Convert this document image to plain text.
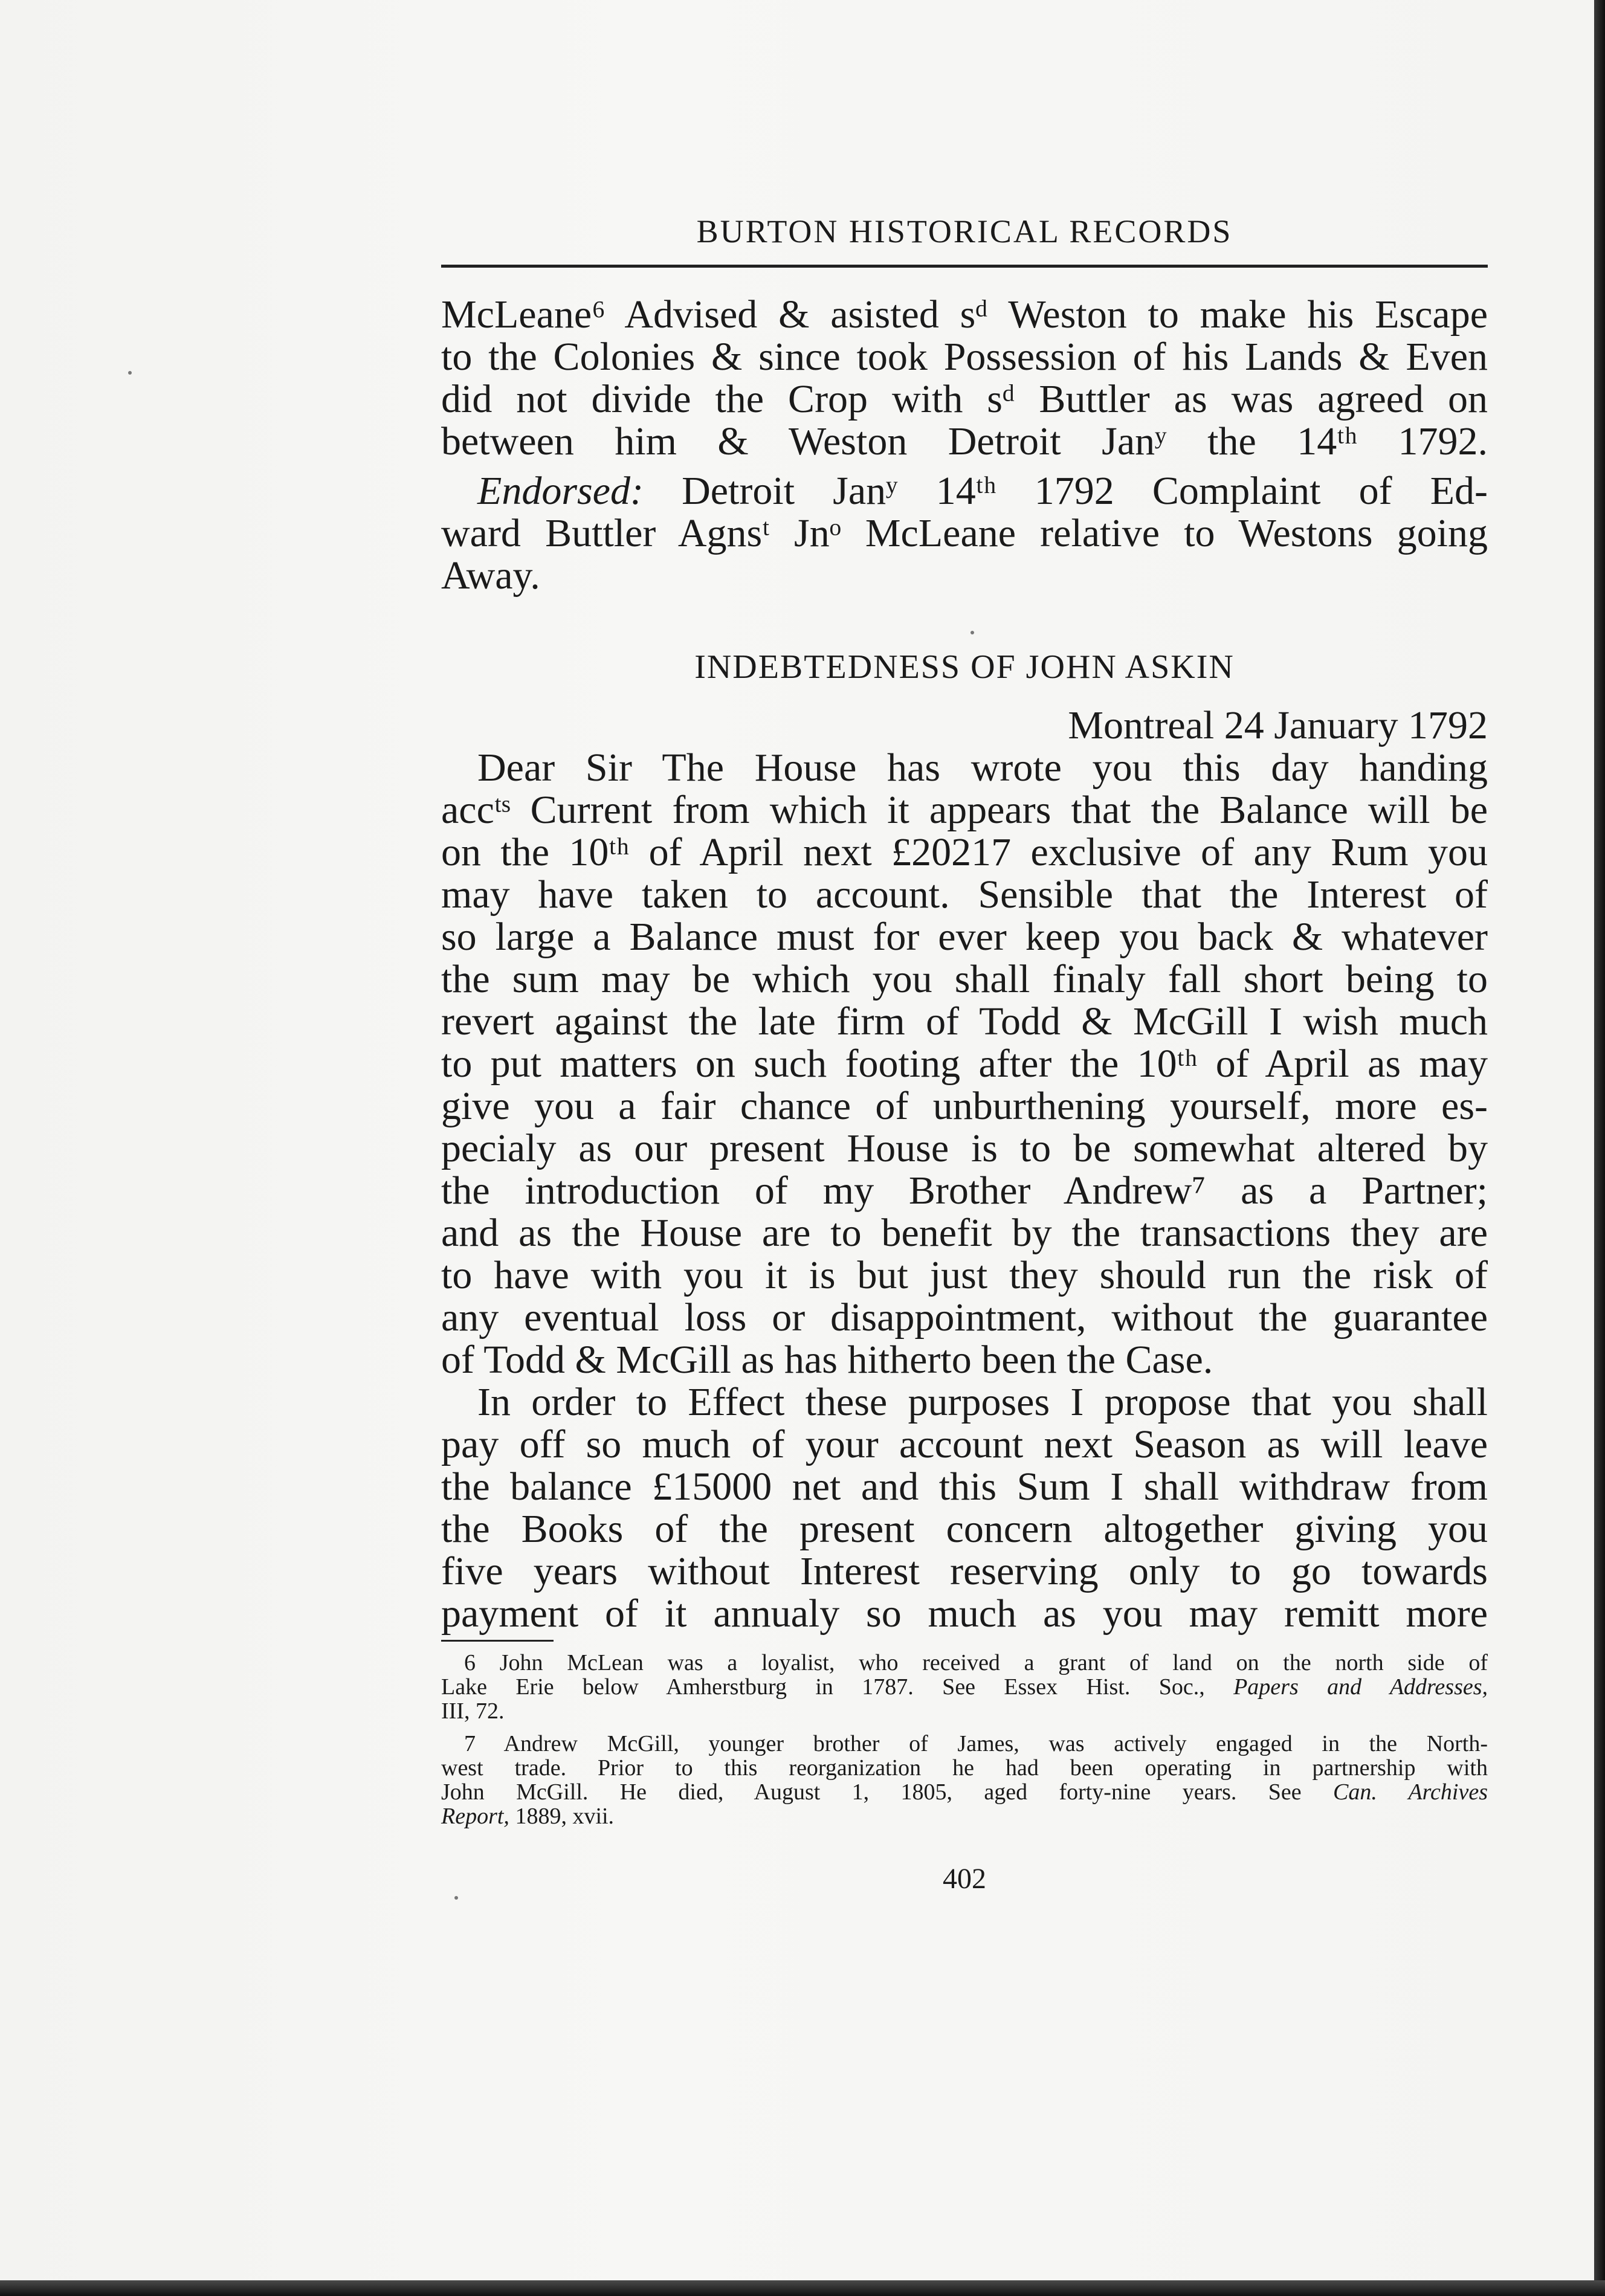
BURTON HISTORICAL RECORDS
McLeane⁶ Advised & asisted sᵈ Weston to make his Escape
to the Colonies & since took Possession of his Lands & Even
did not divide the Crop with sᵈ Buttler as was agreed on
between him & Weston Detroit Janʸ the 14ᵗʰ 1792.
Endorsed: Detroit Janʸ 14ᵗʰ 1792 Complaint of Ed-
ward Buttler Agnsᵗ Jnᵒ McLeane relative to Westons going
Away.
INDEBTEDNESS OF JOHN ASKIN
Montreal 24 January 1792
Dear Sir The House has wrote you this day handing
accᵗˢ Current from which it appears that the Balance will be
on the 10ᵗʰ of April next £20217 exclusive of any Rum you
may have taken to account. Sensible that the Interest of
so large a Balance must for ever keep you back & whatever
the sum may be which you shall finaly fall short being to
revert against the late firm of Todd & McGill I wish much
to put matters on such footing after the 10ᵗʰ of April as may
give you a fair chance of unburthening yourself, more es-
pecialy as our present House is to be somewhat altered by
the introduction of my Brother Andrew⁷ as a Partner;
and as the House are to benefit by the transactions they are
to have with you it is but just they should run the risk of
any eventual loss or disappointment, without the guarantee
of Todd & McGill as has hitherto been the Case.
In order to Effect these purposes I propose that you shall
pay off so much of your account next Season as will leave
the balance £15000 net and this Sum I shall withdraw from
the Books of the present concern altogether giving you
five years without Interest reserving only to go towards
payment of it annualy so much as you may remitt more
6 John McLean was a loyalist, who received a grant of land on the north side of
Lake Erie below Amherstburg in 1787. See Essex Hist. Soc., Papers and Addresses,
III, 72.
7 Andrew McGill, younger brother of James, was actively engaged in the North-
west trade. Prior to this reorganization he had been operating in partnership with
John McGill. He died, August 1, 1805, aged forty-nine years. See Can. Archives
Report, 1889, xvii.
402
